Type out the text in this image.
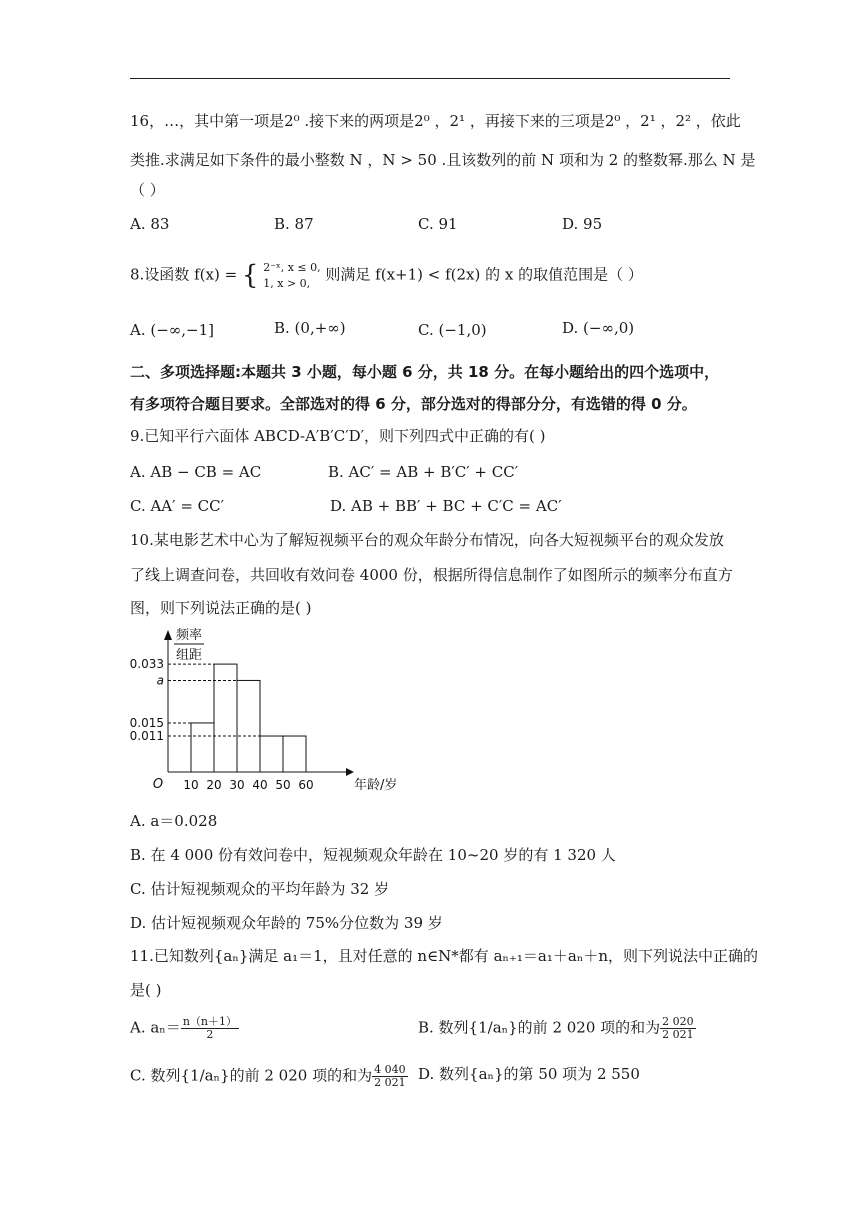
16，…，其中第一项是2⁰ .接下来的两项是2⁰ ，2¹ ，再接下来的三项是2⁰ ，2¹ ，2² ，依此
类推.求满足如下条件的最小整数 N ，N > 50 .且该数列的前 N 项和为 2 的整数幂.那么 N 是
（ ）
A. 83	B. 87	C. 91	D. 95
8.设函数 f(x) = { 2⁻ˣ, x ≤ 0,
1, x > 0,	则满足 f(x+1) < f(2x) 的 x 的取值范围是（ ）
A. (−∞,−1]	B. (0,+∞)	C. (−1,0)	D. (−∞,0)
二、多项选择题:本题共 3 小题，每小题 6 分，共 18 分。在每小题给出的四个选项中，
有多项符合题目要求。全部选对的得 6 分，部分选对的得部分分，有选错的得 0 分。
9.已知平行六面体 ABCD-A′B′C′D′，则下列四式中正确的有( )
A. AB − CB = AC	B. AC′ = AB + B′C′ + CC′
C. AA′ = CC′	D. AB + BB′ + BC + C′C = AC′
10.某电影艺术中心为了解短视频平台的观众年龄分布情况，向各大短视频平台的观众发放
了线上调查问卷，共回收有效问卷 4000 份，根据所得信息制作了如图所示的频率分布直方
图，则下列说法正确的是( )
0.033
a
0.015
0.011
10 20 30 40 50 60
O
频率
组距
年龄/岁
A. a＝0.028
B. 在 4 000 份有效问卷中，短视频观众年龄在 10~20 岁的有 1 320 人
C. 估计短视频观众的平均年龄为 32 岁
D. 估计短视频观众年龄的 75%分位数为 39 岁
11.已知数列{aₙ}满足 a₁＝1，且对任意的 n∈N*都有 aₙ₊₁＝a₁＋aₙ＋n，则下列说法中正确的
是( )
A. $a_n= \frac{n(n+1)}{2}$	B. 数列{1/aₙ}的前 2 020 项的和为 $\frac{2 020}{2 021}$
C. 数列{1/aₙ}的前 2 020 项的和为 $\frac{4 040}{2 021} D$. 数列{aₙ}的第 50 项为 2 550
